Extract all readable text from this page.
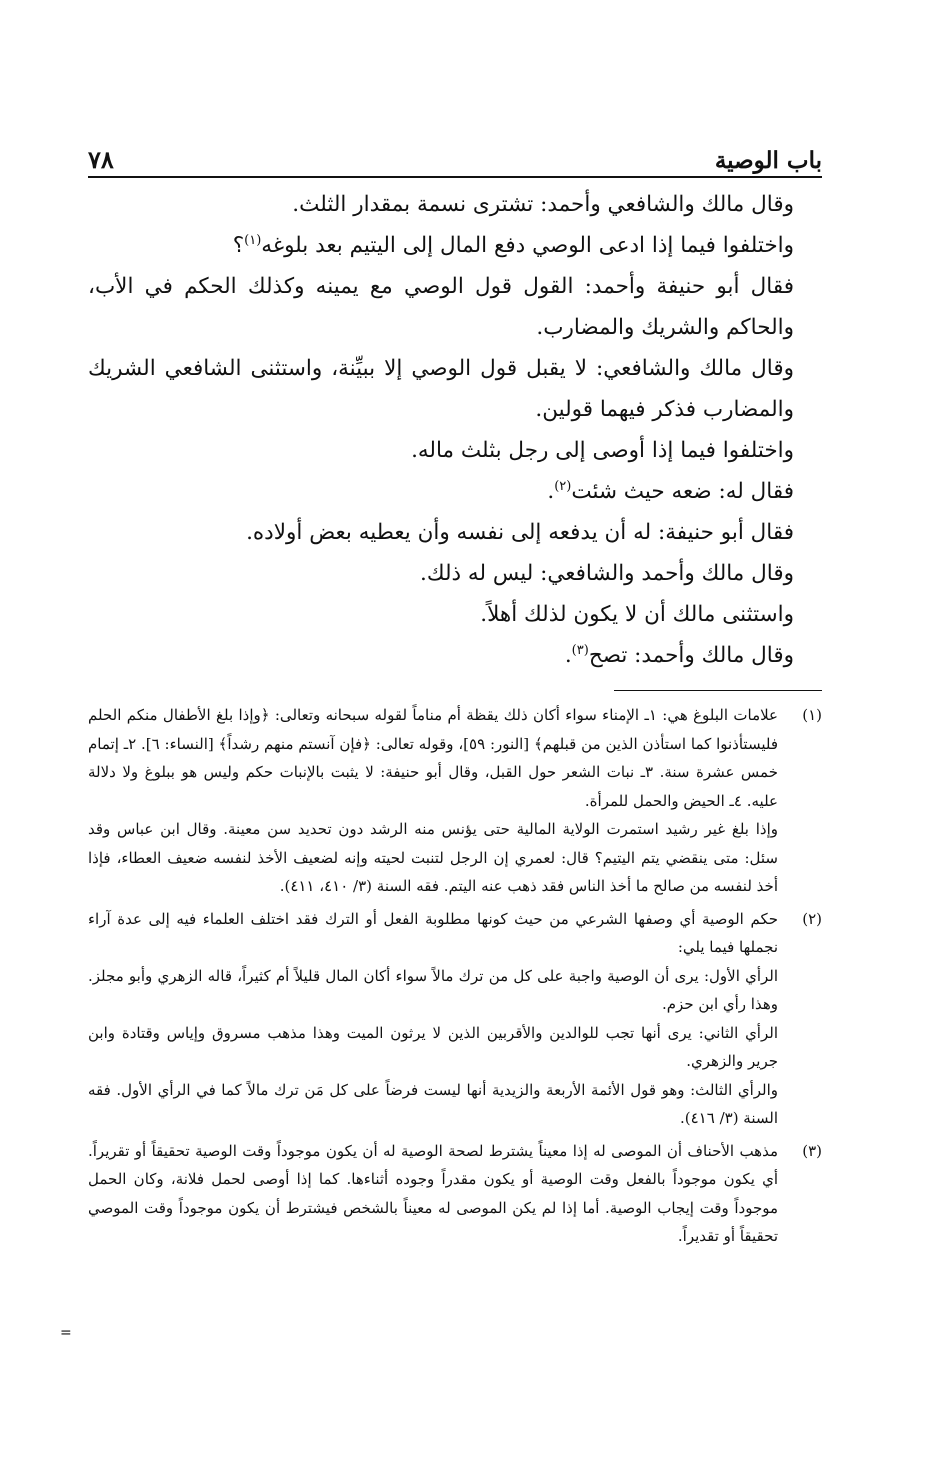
باب الوصية
٧٨

وقال مالك والشافعي وأحمد: تشترى نسمة بمقدار الثلث.

واختلفوا فيما إذا ادعى الوصي دفع المال إلى اليتيم بعد بلوغه$^{(١)}$؟

فقال أبو حنيفة وأحمد: القول قول الوصي مع يمينه وكذلك الحكم في الأب، والحاكم والشريك والمضارب.

وقال مالك والشافعي: لا يقبل قول الوصي إلا ببيِّنة، واستثنى الشافعي الشريك والمضارب فذكر فيهما قولين.

واختلفوا فيما إذا أوصى إلى رجل بثلث ماله.

فقال له: ضعه حيث شئت$^{(٢)}$.

فقال أبو حنيفة: له أن يدفعه إلى نفسه وأن يعطيه بعض أولاده.

وقال مالك وأحمد والشافعي: ليس له ذلك.

واستثنى مالك أن لا يكون لذلك أهلاً.

وقال مالك وأحمد: تصح$^{(٣)}$.

(١)

علامات البلوغ هي: ١ـ الإمناء سواء أكان ذلك يقظة أم مناماً لقوله سبحانه وتعالى: ﴿وإذا بلغ الأطفال منكم الحلم فليستأذنوا كما استأذن الذين من قبلهم﴾ [النور: ٥٩]، وقوله تعالى: ﴿فإن آنستم منهم رشداً﴾ [النساء: ٦]. ٢ـ إتمام خمس عشرة سنة. ٣ـ نبات الشعر حول القبل، وقال أبو حنيفة: لا يثبت بالإنبات حكم وليس هو ببلوغ ولا دلالة عليه. ٤ـ الحيض والحمل للمرأة.

وإذا بلغ غير رشيد استمرت الولاية المالية حتى يؤنس منه الرشد دون تحديد سن معينة. وقال ابن عباس وقد سئل: متى ينقضي يتم اليتيم؟ قال: لعمري إن الرجل لتنبت لحيته وإنه لضعيف الأخذ لنفسه ضعيف العطاء، فإذا أخذ لنفسه من صالح ما أخذ الناس فقد ذهب عنه اليتم. فقه السنة (٣/ ٤١٠، ٤١١).

(٢)

حكم الوصية أي وصفها الشرعي من حيث كونها مطلوبة الفعل أو الترك فقد اختلف العلماء فيه إلى عدة آراء نجملها فيما يلي:

الرأي الأول: يرى أن الوصية واجبة على كل من ترك مالاً سواء أكان المال قليلاً أم كثيراً، قاله الزهري وأبو مجلز. وهذا رأي ابن حزم.

الرأي الثاني: يرى أنها تجب للوالدين والأقربين الذين لا يرثون الميت وهذا مذهب مسروق وإياس وقتادة وابن جرير والزهري.

والرأي الثالث: وهو قول الأئمة الأربعة والزيدية أنها ليست فرضاً على كل مَن ترك مالاً كما في الرأي الأول. فقه السنة (٣/ ٤١٦).

(٣)

مذهب الأحناف أن الموصى له إذا معيناً يشترط لصحة الوصية له أن يكون موجوداً وقت الوصية تحقيقاً أو تقريراً. أي يكون موجوداً بالفعل وقت الوصية أو يكون مقدراً وجوده أثناءها. كما إذا أوصى لحمل فلانة، وكان الحمل موجوداً وقت إيجاب الوصية. أما إذا لم يكن الموصى له معيناً بالشخص فيشترط أن يكون موجوداً وقت الموصي تحقيقاً أو تقديراً.

=
